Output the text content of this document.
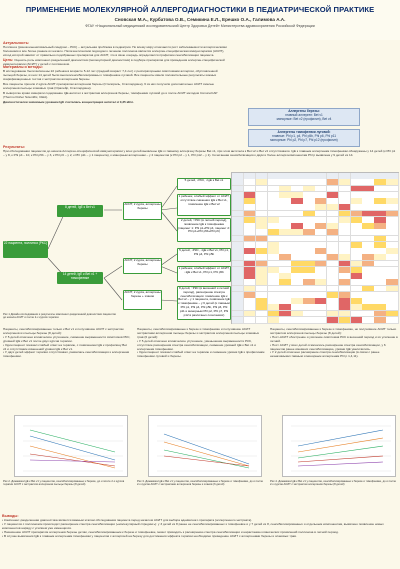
ПРИМЕНЕНИЕ МОЛЕКУЛЯРНОЙ АЛЛЕРГОДИАГНОСТИКИ В ПЕДИАТРИЧЕСКОЙ ПРАКТИКЕ
Сновская М.А., Курбатова О.В., Семикина Е.Л., Ерешко О.А., Галимова А.А.
ФГАУ «Национальный медицинский исследовательский Центр Здоровья Детей» Министерства здравоохранения Российской Федерации
Актуальность:
Поллиноз (риноконъюнктивальный синдром – РКС) – актуальная проблема в педиатрии. По всему миру отмечается рост заболеваемости аллергическими болезнями и все более ранние их начало. Патогенетическим подходом к лечению поллиноза является аллерген-специфическая иммунотерапия (АСИТ), исход которой зависит от правильно подобранных препаратов для АСИТ, что в свою очередь определяется профилем сенсибилизации пациента.
Цель: Оценить роль компонент-разделенной диагностики (молекулярной диагностики) в подборе препаратов для проведения аллерген-специфической иммунотерапии (АСИТ) у детей с поллинозом.
Материалы и методы:
В исследование были включены 22 ребенка в возрасте 5-12 лет (средний возраст 7,4 лет) с респираторными симптомами аллергии, обусловленной пыльцой березы, из них 14 детей были высокосенсибилизированы к тимофеевке луговой. Все пациенты имели положительные результаты кожных скарификационных тестов с экстрактом аллергенов березы.
Все пациенты прошли 2 курса АСИТ препаратом аллергенов березы (Сталораль, Сталлерджен), 6 из них получили дополнительно АСИТ смесью аллергенов пыльцы злаковых трав (Оралейр, Сталлерджен).
В сыворотке крови измеряли содержание IgE-антител к экстрактам аллергенов березы, тимофеевки луговой до и после АСИТ методом ImmunoCAP (Thermo Fisher Scientific, США).
Диагностически значимым уровнем IgE считалась концентрация антител ≥ 0,35 кЕ/л.
Аллергены березы:
главный аллерген: Bet v1
минорные: Bet v2 (профилин), Bet v4
Аллергены тимофеевки луговой:
главные: Phl p1, p4, Phl p5b, Phl p6, Phl p11
минорные: Phl p2, Phl p7, Phl p12 (профилин)
Результаты:
При обследовании пациентов до начала Аллерген-специфической иммунотерапии у всех детей выявлены IgE к главному аллергену березы Bet v1, при этом антитела к Bet v2 и Bet v4 отсутствовали. IgE к главным аллергенам тимофеевки обнаружены у 14 детей (к Phl p1 – у 8, к Phl p4 – 10, к Phl p5b – у 3, к Phl p6 – у 2, к Phl p11 – у 1 пациента), к минорным аллергенам – у 2 пациентов (к Phl p2 – у 1, Phl p12 – у 1). Сочетанная сенсибилизация к двум и более аллергокомпонентам Phl p выявлена у 9 детей из 14.
22 пациента, поллиноз (РКС)
8 детей, IgE к Bet v1
14 детей, IgE к Bet v1 + тимофеевке
АСИТ, 2 курса, аллергены березы
АСИТ, 2 курса, аллергены березы
АСИТ, 2 курса, аллергены березы + злаков
5 детей, ↓РКС, ↓IgE к Bet v1
1 ребенок, слабый эффект от АСИТ, отсутствие снижения IgE к Bet v1, появление IgE к Bet v2
2 детей, ↑РКС (в летний период), появление IgE к тимофеевке (пациент 1: Phl p1+Phl p4, пациент 2: Phl p1+Phl p5b+Phl p6)
5 детей, ↓РКС, ↓IgE к Bet v1, Phl p1, Phl p4, Phl p5b
1 ребенок, слабый эффект от АСИТ, ↓IgE к Bet v1, Phl p1, Phl p5b
8 детей, ↑РКС (в весенний и летний период), расширение спектра сенсибилизации: появление IgE к Bet v2 – у 1 пациента, появление IgE к тимофеевке – у 6 детей (к главным Phl p1, Phl p4, Phl p5b, Phl p6, Phl p11 и минорным Phl p2, Phl p7, Phl p12 в различных сочетаниях)
Рис.1 Дизайн исследования и результаты компонент-разделенной диагностики пациентов до начала АСИТ и после 2-х курсов терапии.
Пациенты, сенсибилизированные только к Bet v1 и получившие АСИТ с экстрактом аллергенов из пыльцы березы (8 детей):
• У 5 детей отмечено клиническое улучшение, снижение выраженности симптомов РКС, уровней IgE к Bet v1 после двух курсов терапии.
• Один пациент показал слабый ответ на терапию, с появлением IgE к профилину Bet v2 и отсутствием изменений уровня IgE к Bet v1.
• У двух детей эффект терапии отсутствовал, развилась сенсибилизация к аллергенам тимофеевки.
Пациенты, сенсибилизированные к березе и тимофеевке и получившие АСИТ экстрактами аллергенов пыльцы березы и экстрактом аллергенов пыльцы злаковых трав (6 детей):
• У 5 детей отмечено клиническое улучшение, уменьшение выраженности РКС, отсутствие расширения спектра сенсибилизации, снижение уровней IgE к Bet v1 и аллергенам тимофеевки.
• Один пациент показал слабый ответ на терапию и снижение уровня IgE к профилинам тимофеевки луговой и березы.
Пациенты, сенсибилизированные к березе и тимофеевке, но получившие АСИТ только экстрактом аллергенов пыльцы березы (8 детей):
• Пост-АСИТ обострение и усиление симптомов РКС в весенний период и их усиление в летний.
• Пост АСИТ у всех детей отмечалось расширение спектра сенсибилизации, у 6 пациентов ранее имевших сенсибилизацию, уровни IgE увеличились.
• У 2 детей отмечено расширение спектра сенсибилизации (в связи с ранее незначимыми главным и минорным аллергенам Phl p 1,4,11).
Рис.2. Динамика IgE к Bet v1 у пациентов, сенсибилизированных к березе, до и после 2-х курсов терапии АСИТ с экстрактом аллергенов пыльцы березы (8 детей)
Рис.3. Динамика IgE к Bet v1 у пациентов, сенсибилизированных к березе и тимофеевке, до и после 2-х курсов АСИТ с экстрактами аллергенов березы и злаков (6 детей)
Рис.4. Динамика IgE к Bet v1 у пациентов, сенсибилизированных к березе и тимофеевке, до и после 2-х курсов АСИТ с экстрактом аллергенов березы (8 детей)
Выводы:
• Компонент-разделенная диагностика является важным этапом обследования пациента перед началом АСИТ для выбора адекватного препарата (аллергенного экстракта).
• У пациентов с поллинозом происходит расширение спектра сенсибилизации («молекулярный спрединг»): у 3 детей из 8 ранее не сенсибилизированных к тимофеевке и у 7 детей из 8, сенсибилизированных и отдельным компонентам, выявлено появление новых компонентов наряду с усилием уже имеющихся.
• Назначение АСИТ препаратом аллергенов березы детям, сенсибилизированным к березе и тимофеевке, может приводить к расширению спектра сенсибилизации и нарастанию клинических проявлений поллиноза в летний период.
• В случае выявления IgE к главным аллергенам тимофеевки у пациентов с аллергией на березу для достижения эффекта терапии необходимо проведение АСИТ с аллергенами березы и злаковых трав.
